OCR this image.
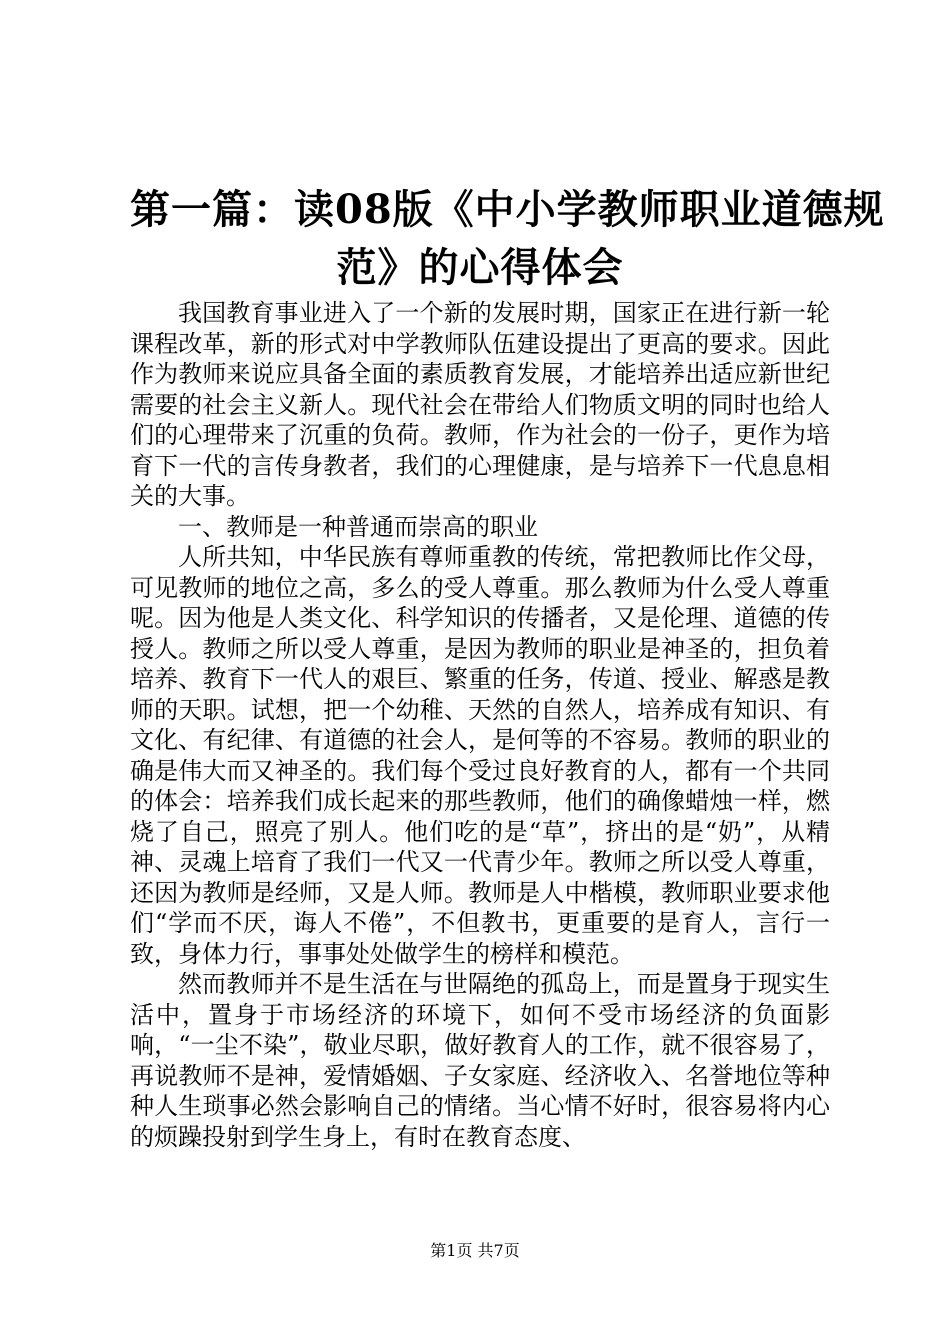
第一篇：读08版《中小学教师职业道德规
范》的心得体会

我国教育事业进入了一个新的发展时期，国家正在进行新一轮课程改革，新的形式对中学教师队伍建设提出了更高的要求。因此作为教师来说应具备全面的素质教育发展，才能培养出适应新世纪需要的社会主义新人。现代社会在带给人们物质文明的同时也给人们的心理带来了沉重的负荷。教师，作为社会的一份子，更作为培育下一代的言传身教者，我们的心理健康，是与培养下一代息息相关的大事。

一、教师是一种普通而崇高的职业

人所共知，中华民族有尊师重教的传统，常把教师比作父母，可见教师的地位之高，多么的受人尊重。那么教师为什么受人尊重呢。因为他是人类文化、科学知识的传播者，又是伦理、道德的传授人。教师之所以受人尊重，是因为教师的职业是神圣的，担负着培养、教育下一代人的艰巨、繁重的任务，传道、授业、解惑是教师的天职。试想，把一个幼稚、天然的自然人，培养成有知识、有文化、有纪律、有道德的社会人，是何等的不容易。教师的职业的确是伟大而又神圣的。我们每个受过良好教育的人，都有一个共同的体会：培养我们成长起来的那些教师，他们的确像蜡烛一样，燃烧了自己，照亮了别人。他们吃的是“草”，挤出的是“奶”，从精神、灵魂上培育了我们一代又一代青少年。教师之所以受人尊重，还因为教师是经师，又是人师。教师是人中楷模，教师职业要求他们“学而不厌，诲人不倦”，不但教书，更重要的是育人，言行一致，身体力行，事事处处做学生的榜样和模范。

然而教师并不是生活在与世隔绝的孤岛上，而是置身于现实生活中，置身于市场经济的环境下，如何不受市场经济的负面影响，“一尘不染”，敬业尽职，做好教育人的工作，就不很容易了，再说教师不是神，爱情婚姻、子女家庭、经济收入、名誉地位等种种人生琐事必然会影响自己的情绪。当心情不好时，很容易将内心的烦躁投射到学生身上，有时在教育态度、

第1页 共7页
